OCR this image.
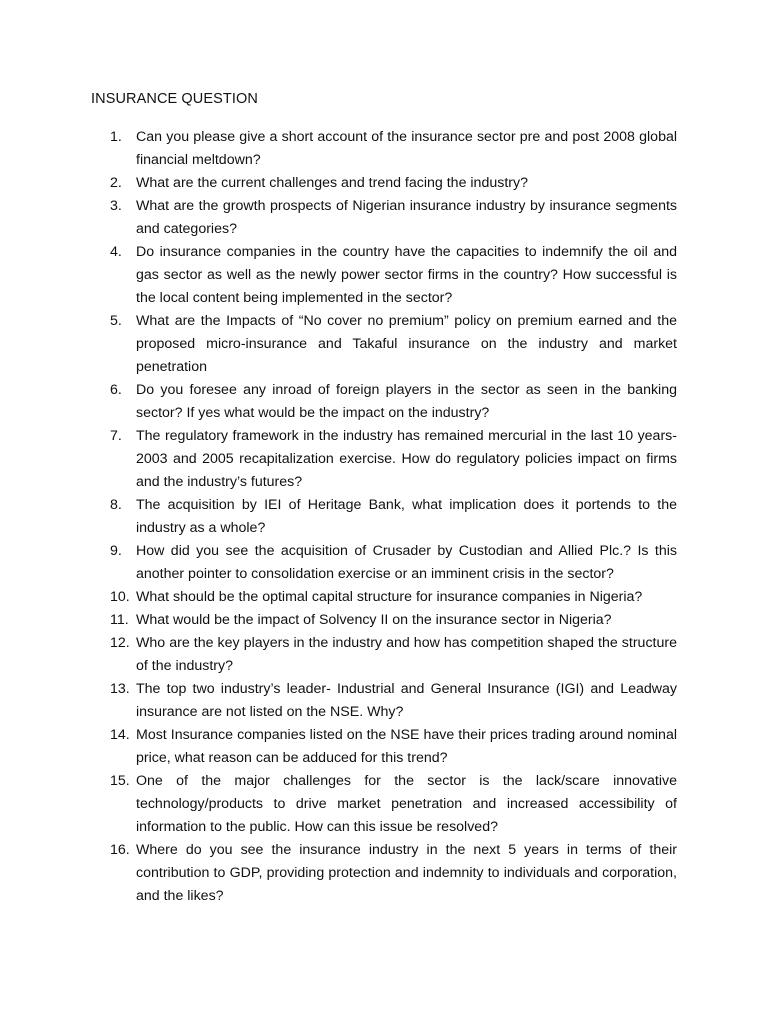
INSURANCE QUESTION
1. Can you please give a short account of the insurance sector pre and post 2008 global financial meltdown?
2. What are the current challenges and trend facing the industry?
3. What are the growth prospects of Nigerian insurance industry by insurance segments and categories?
4. Do insurance companies in the country have the capacities to indemnify the oil and gas sector as well as the newly power sector firms in the country? How successful is the local content being implemented in the sector?
5. What are the Impacts of “No cover no premium” policy on premium earned and the proposed micro-insurance and Takaful insurance on the industry and market penetration
6. Do you foresee any inroad of foreign players in the sector as seen in the banking sector? If yes what would be the impact on the industry?
7. The regulatory framework in the industry has remained mercurial in the last 10 years- 2003 and 2005 recapitalization exercise. How do regulatory policies impact on firms and the industry’s futures?
8. The acquisition by IEI of Heritage Bank, what implication does it portends to the industry as a whole?
9. How did you see the acquisition of Crusader by Custodian and Allied Plc.? Is this another pointer to consolidation exercise or an imminent crisis in the sector?
10. What should be the optimal capital structure for insurance companies in Nigeria?
11. What would be the impact of Solvency II on the insurance sector in Nigeria?
12. Who are the key players in the industry and how has competition shaped the structure of the industry?
13. The top two industry’s leader- Industrial and General Insurance (IGI) and Leadway insurance are not listed on the NSE. Why?
14. Most Insurance companies listed on the NSE have their prices trading around nominal price, what reason can be adduced for this trend?
15. One of the major challenges for the sector is the lack/scare innovative technology/products to drive market penetration and increased accessibility of information to the public. How can this issue be resolved?
16. Where do you see the insurance industry in the next 5 years in terms of their contribution to GDP, providing protection and indemnity to individuals and corporation, and the likes?
